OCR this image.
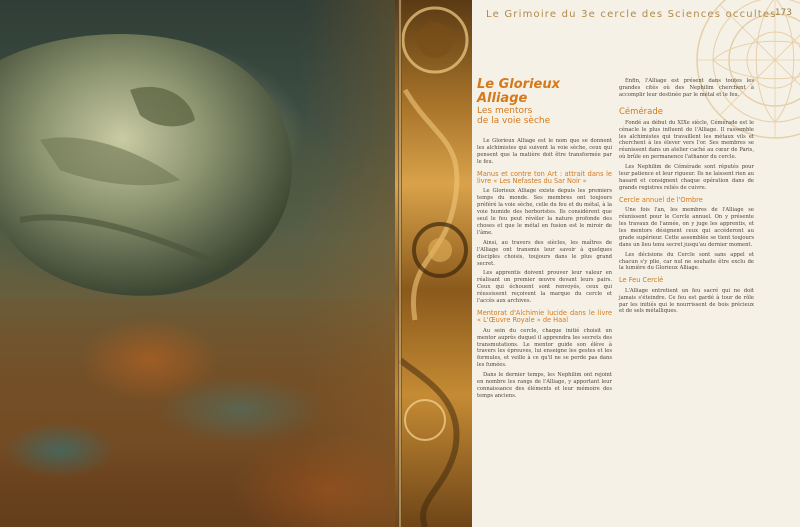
Le Grimoire du 3e cercle des Sciences occultes
173
Le Glorieux
Alliage
Les mentors
de la voie sèche

Le Glorieux Alliage est le nom que se donnent les alchimistes qui suivent la voie sèche, ceux qui pensent que la matière doit être transformée par le feu.

Manus et contre ton Art : attrait dans le livre « Les Nefastes du Sar Noir »

Le Glorieux Alliage existe depuis les premiers temps du monde. Ses membres ont toujours préféré la voie sèche, celle du feu et du métal, à la voie humide des herboristes. Ils considèrent que seul le feu peut révéler la nature profonde des choses et que le métal en fusion est le miroir de l'âme.

Ainsi, au travers des siècles, les maîtres de l'Alliage ont transmis leur savoir à quelques disciples choisis, toujours dans le plus grand secret.

Les apprentis doivent prouver leur valeur en réalisant un premier œuvre devant leurs pairs. Ceux qui échouent sont renvoyés, ceux qui réussissent reçoivent la marque du cercle et l'accès aux archives.

Mentorat d'Alchimie lucide dans le livre « L'Œuvre Royale » de Haal

Au sein du cercle, chaque initié choisit un mentor auprès duquel il apprendra les secrets des transmutations. Le mentor guide son élève à travers les épreuves, lui enseigne les gestes et les formules, et veille à ce qu'il ne se perde pas dans les fumées.

Dans le dernier temps, les Nephilim ont rejoint en nombre les rangs de l'Alliage, y apportant leur connaissance des éléments et leur mémoire des temps anciens.

Enfin, l'Alliage est présent dans toutes les grandes cités où des Nephilim cherchent à accomplir leur destinée par le métal et le feu.

Cémérade

Fondé au début du XIXe siècle, Cémérade est le cénacle le plus influent de l'Alliage. Il rassemble les alchimistes qui travaillent les métaux vils et cherchent à les élever vers l'or. Ses membres se réunissent dans un atelier caché au cœur de Paris, où brûle en permanence l'athanor du cercle.

Les Nephilim de Cémérade sont réputés pour leur patience et leur rigueur. Ils ne laissent rien au hasard et consignent chaque opération dans de grands registres reliés de cuivre.

Cercle annuel de l'Ombre

Une fois l'an, les membres de l'Alliage se réunissent pour le Cercle annuel. On y présente les travaux de l'année, on y juge les apprentis, et les mentors désignent ceux qui accéderont au grade supérieur. Cette assemblée se tient toujours dans un lieu tenu secret jusqu'au dernier moment.

Les décisions du Cercle sont sans appel et chacun s'y plie, car nul ne souhaite être exclu de la lumière du Glorieux Alliage.

Le Feu Cerclé

L'Alliage entretient un feu sacré qui ne doit jamais s'éteindre. Ce feu est gardé à tour de rôle par les initiés qui le nourrissent de bois précieux et de sels métalliques.
